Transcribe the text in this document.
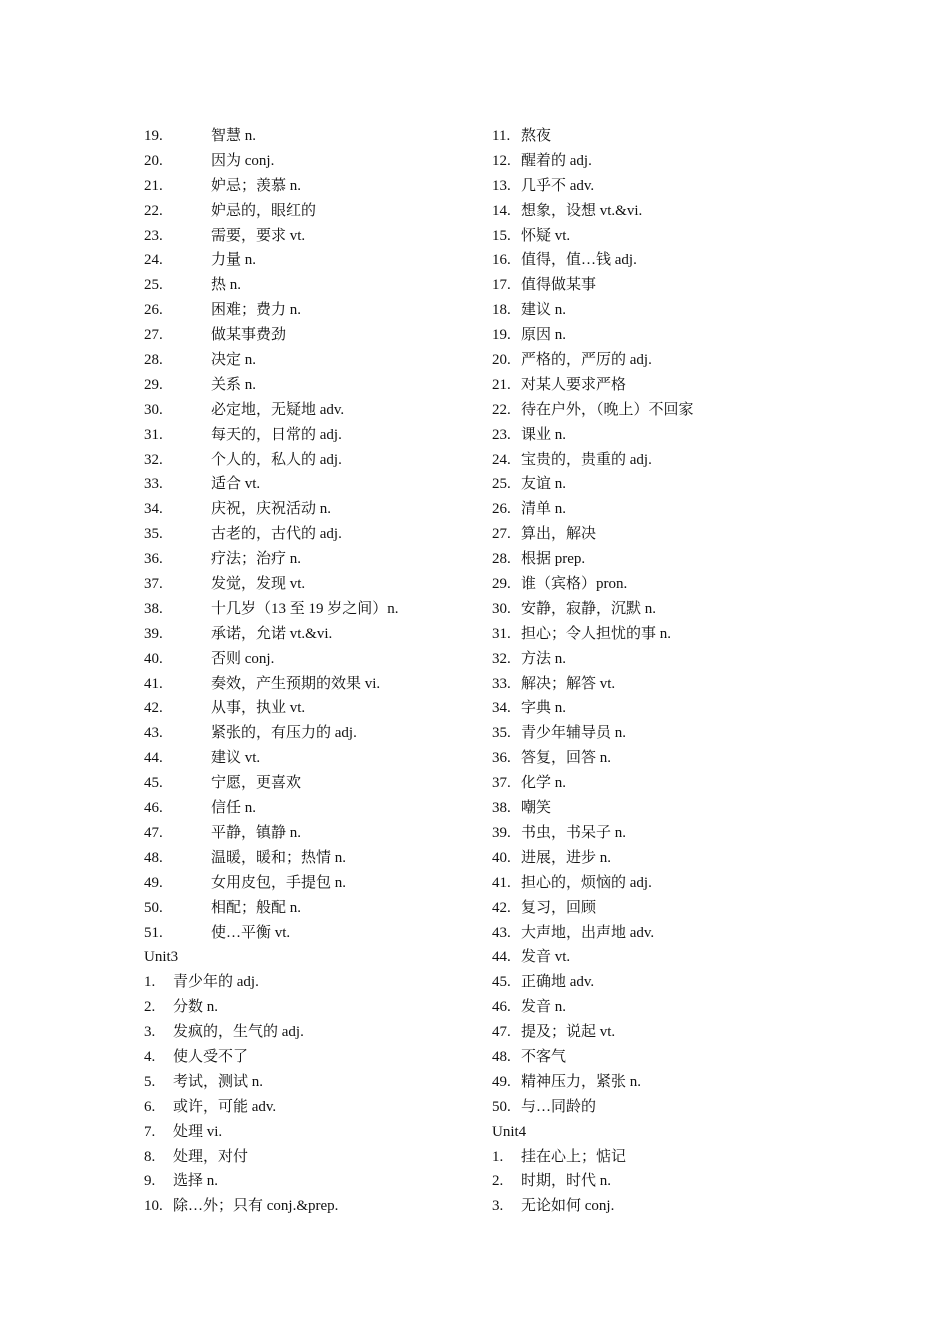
19.	智慧 n.
20.	因为 conj.
21.	妒忌；羡慕 n.
22.	妒忌的，眼红的
23.	需要，要求 vt.
24.	力量 n.
25.	热 n.
26.	困难；费力 n.
27.	做某事费劲
28.	决定 n.
29.	关系 n.
30.	必定地，无疑地 adv.
31.	每天的，日常的 adj.
32.	个人的，私人的 adj.
33.	适合 vt.
34.	庆祝，庆祝活动 n.
35.	古老的，古代的 adj.
36.	疗法；治疗 n.
37.	发觉，发现 vt.
38.	十几岁（13 至 19 岁之间）n.
39.	承诺，允诺 vt.&vi.
40.	否则 conj.
41.	奏效，产生预期的效果 vi.
42.	从事，执业 vt.
43.	紧张的，有压力的 adj.
44.	建议 vt.
45.	宁愿，更喜欢
46.	信任 n.
47.	平静，镇静 n.
48.	温暖，暖和；热情 n.
49.	女用皮包，手提包 n.
50.	相配；般配 n.
51.	使…平衡 vt.
Unit3
1.	青少年的 adj.
2.	分数 n.
3.	发疯的，生气的 adj.
4.	使人受不了
5.	考试，测试 n.
6.	或许，可能 adv.
7.	处理 vi.
8.	处理，对付
9.	选择 n.
10. 除…外；只有 conj.&prep.
11. 熬夜
12. 醒着的 adj.
13. 几乎不 adv.
14. 想象，设想 vt.&vi.
15. 怀疑 vt.
16. 值得，值…钱 adj.
17. 值得做某事
18. 建议 n.
19. 原因 n.
20. 严格的，严厉的 adj.
21. 对某人要求严格
22. 待在户外，（晚上）不回家
23. 课业 n.
24. 宝贵的，贵重的 adj.
25. 友谊 n.
26. 清单 n.
27. 算出，解决
28. 根据 prep.
29. 谁（宾格）pron.
30. 安静，寂静，沉默 n.
31. 担心；令人担忧的事 n.
32. 方法 n.
33. 解决；解答 vt.
34. 字典 n.
35. 青少年辅导员 n.
36. 答复，回答 n.
37. 化学 n.
38. 嘲笑
39. 书虫，书呆子 n.
40. 进展，进步 n.
41. 担心的，烦恼的 adj.
42. 复习，回顾
43. 大声地，出声地 adv.
44. 发音 vt.
45. 正确地 adv.
46. 发音 n.
47. 提及；说起 vt.
48. 不客气
49. 精神压力，紧张 n.
50. 与…同龄的
Unit4
1.	挂在心上；惦记
2.	时期，时代 n.
3.	无论如何 conj.
